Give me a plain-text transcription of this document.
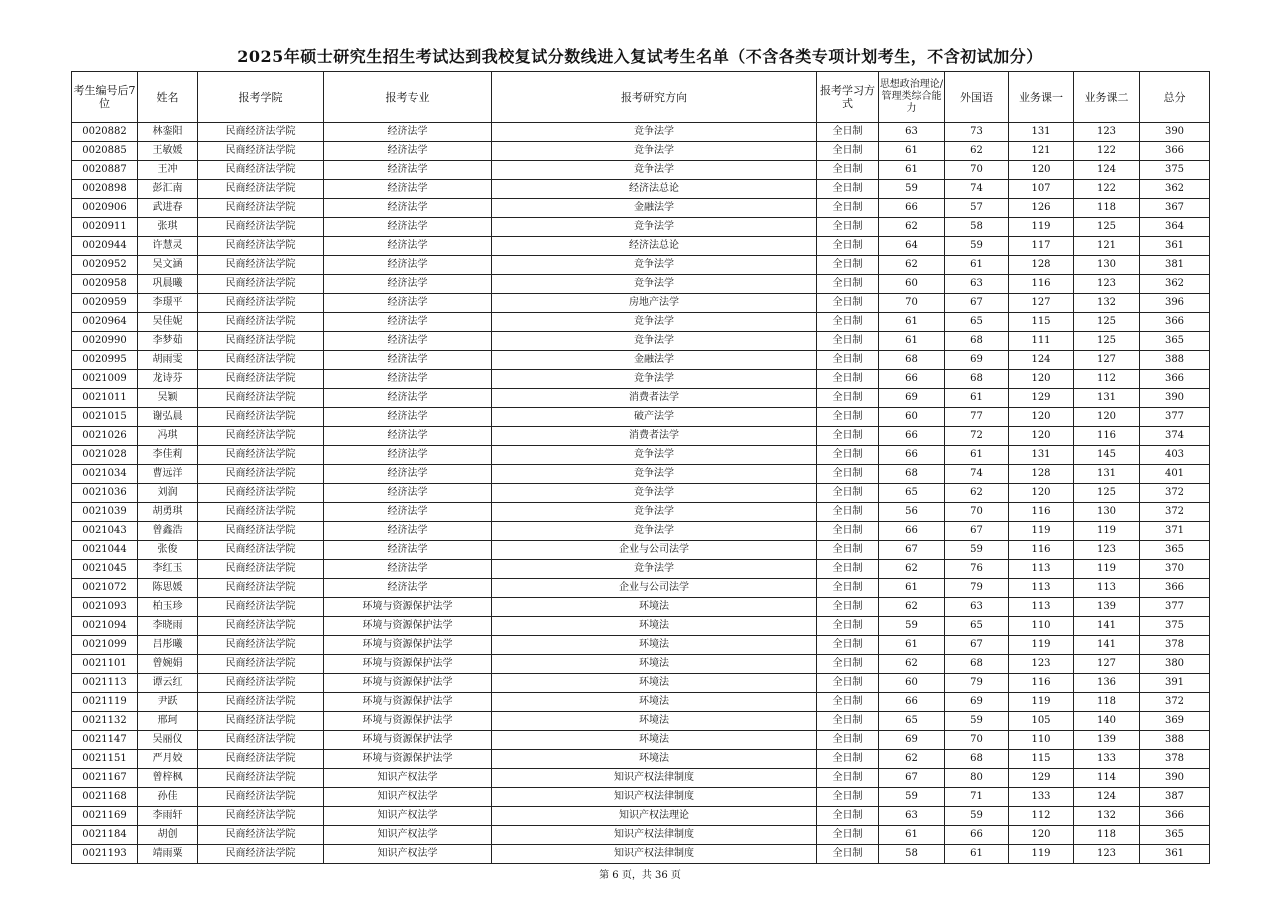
2025年硕士研究生招生考试达到我校复试分数线进入复试考生名单（不含各类专项计划考生，不含初试加分）
考生编号后7位	姓名	报考学院	报考专业	报考研究方向	报考学习方式	思想政治理论/管理类综合能力	外国语	业务课一	业务课二	总分
0020882	林銮阳	民商经济法学院	经济法学	竞争法学	全日制	63	73	131	123	390
0020885	王敏媛	民商经济法学院	经济法学	竞争法学	全日制	61	62	121	122	366
0020887	王冲	民商经济法学院	经济法学	竞争法学	全日制	61	70	120	124	375
0020898	彭汇南	民商经济法学院	经济法学	经济法总论	全日制	59	74	107	122	362
0020906	武进春	民商经济法学院	经济法学	金融法学	全日制	66	57	126	118	367
0020911	张琪	民商经济法学院	经济法学	竞争法学	全日制	62	58	119	125	364
0020944	许慧灵	民商经济法学院	经济法学	经济法总论	全日制	64	59	117	121	361
0020952	吴文涵	民商经济法学院	经济法学	竞争法学	全日制	62	61	128	130	381
0020958	巩晨曦	民商经济法学院	经济法学	竞争法学	全日制	60	63	116	123	362
0020959	李璟平	民商经济法学院	经济法学	房地产法学	全日制	70	67	127	132	396
0020964	吴佳妮	民商经济法学院	经济法学	竞争法学	全日制	61	65	115	125	366
0020990	李梦茹	民商经济法学院	经济法学	竞争法学	全日制	61	68	111	125	365
0020995	胡雨雯	民商经济法学院	经济法学	金融法学	全日制	68	69	124	127	388
0021009	龙诗芬	民商经济法学院	经济法学	竞争法学	全日制	66	68	120	112	366
0021011	吴颖	民商经济法学院	经济法学	消费者法学	全日制	69	61	129	131	390
0021015	谢弘晨	民商经济法学院	经济法学	破产法学	全日制	60	77	120	120	377
0021026	冯琪	民商经济法学院	经济法学	消费者法学	全日制	66	72	120	116	374
0021028	李佳莉	民商经济法学院	经济法学	竞争法学	全日制	66	61	131	145	403
0021034	曹远洋	民商经济法学院	经济法学	竞争法学	全日制	68	74	128	131	401
0021036	刘润	民商经济法学院	经济法学	竞争法学	全日制	65	62	120	125	372
0021039	胡勇琪	民商经济法学院	经济法学	竞争法学	全日制	56	70	116	130	372
0021043	曾鑫浩	民商经济法学院	经济法学	竞争法学	全日制	66	67	119	119	371
0021044	张俊	民商经济法学院	经济法学	企业与公司法学	全日制	67	59	116	123	365
0021045	李红玉	民商经济法学院	经济法学	竞争法学	全日制	62	76	113	119	370
0021072	陈思媛	民商经济法学院	经济法学	企业与公司法学	全日制	61	79	113	113	366
0021093	柏玉珍	民商经济法学院	环境与资源保护法学	环境法	全日制	62	63	113	139	377
0021094	李晓雨	民商经济法学院	环境与资源保护法学	环境法	全日制	59	65	110	141	375
0021099	吕彤曦	民商经济法学院	环境与资源保护法学	环境法	全日制	61	67	119	141	378
0021101	曾婉娟	民商经济法学院	环境与资源保护法学	环境法	全日制	62	68	123	127	380
0021113	谭云红	民商经济法学院	环境与资源保护法学	环境法	全日制	60	79	116	136	391
0021119	尹跃	民商经济法学院	环境与资源保护法学	环境法	全日制	66	69	119	118	372
0021132	邢珂	民商经济法学院	环境与资源保护法学	环境法	全日制	65	59	105	140	369
0021147	吴丽仪	民商经济法学院	环境与资源保护法学	环境法	全日制	69	70	110	139	388
0021151	严月姣	民商经济法学院	环境与资源保护法学	环境法	全日制	62	68	115	133	378
0021167	曾梓枫	民商经济法学院	知识产权法学	知识产权法律制度	全日制	67	80	129	114	390
0021168	孙佳	民商经济法学院	知识产权法学	知识产权法律制度	全日制	59	71	133	124	387
0021169	李雨轩	民商经济法学院	知识产权法学	知识产权法理论	全日制	63	59	112	132	366
0021184	胡创	民商经济法学院	知识产权法学	知识产权法律制度	全日制	61	66	120	118	365
0021193	靖雨粟	民商经济法学院	知识产权法学	知识产权法律制度	全日制	58	61	119	123	361
第 6 页，共 36 页
